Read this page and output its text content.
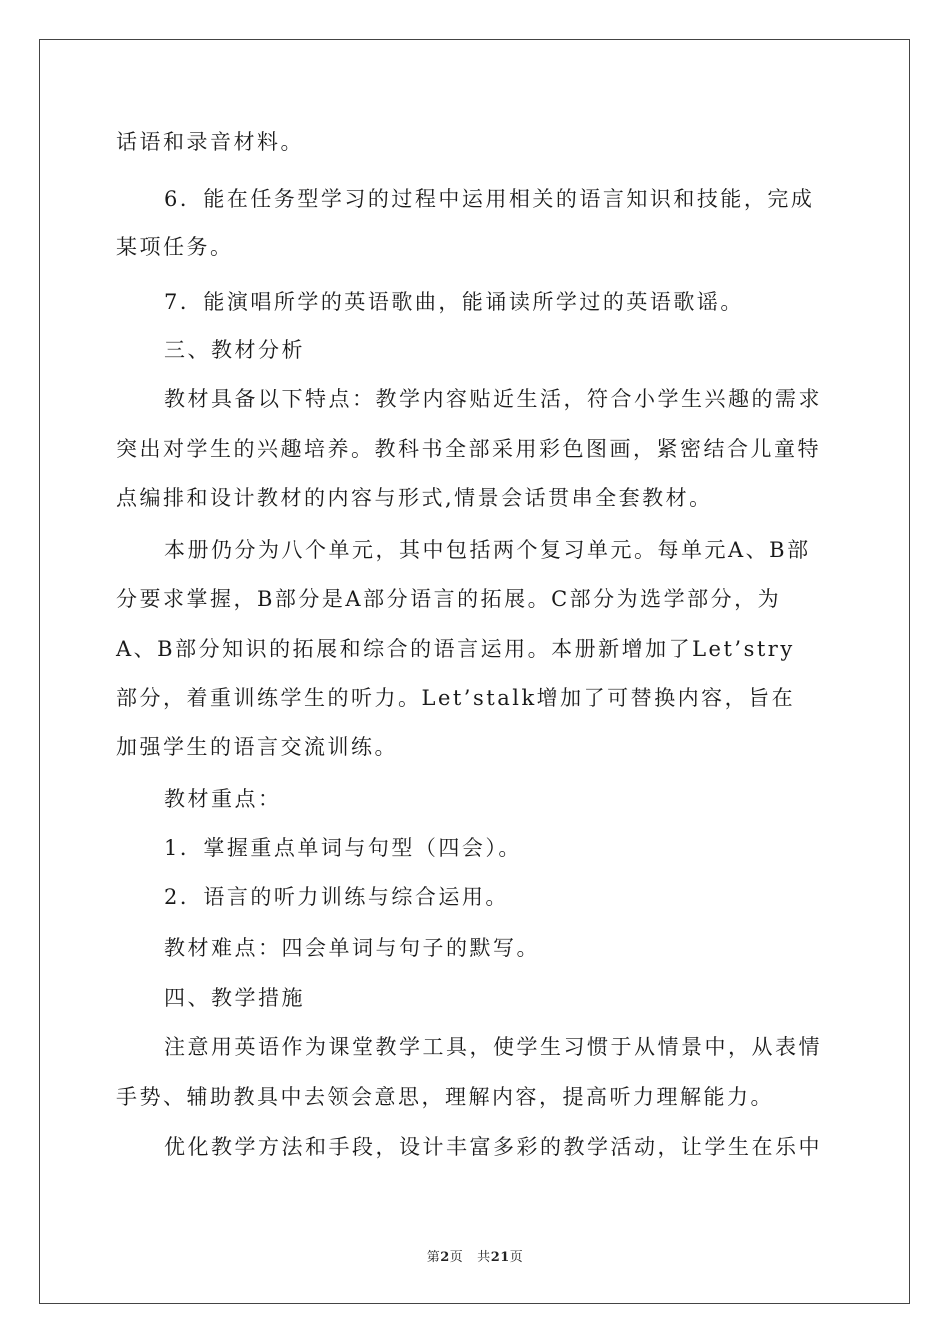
话语和录音材料。
6．能在任务型学习的过程中运用相关的语言知识和技能，完成
某项任务。
7．能演唱所学的英语歌曲，能诵读所学过的英语歌谣。
三、教材分析
教材具备以下特点：教学内容贴近生活，符合小学生兴趣的需求
突出对学生的兴趣培养。教科书全部采用彩色图画，紧密结合儿童特
点编排和设计教材的内容与形式,情景会话贯串全套教材。
本册仍分为八个单元，其中包括两个复习单元。每单元A、B部
分要求掌握，B部分是A部分语言的拓展。C部分为选学部分，为
A、B部分知识的拓展和综合的语言运用。本册新增加了Let’stry
部分，着重训练学生的听力。Let’stalk增加了可替换内容，旨在
加强学生的语言交流训练。
教材重点：
1．掌握重点单词与句型（四会）。
2．语言的听力训练与综合运用。
教材难点：四会单词与句子的默写。
四、教学措施
注意用英语作为课堂教学工具，使学生习惯于从情景中，从表情
手势、辅助教具中去领会意思，理解内容，提高听力理解能力。
优化教学方法和手段，设计丰富多彩的教学活动，让学生在乐中
第2页 共21页
